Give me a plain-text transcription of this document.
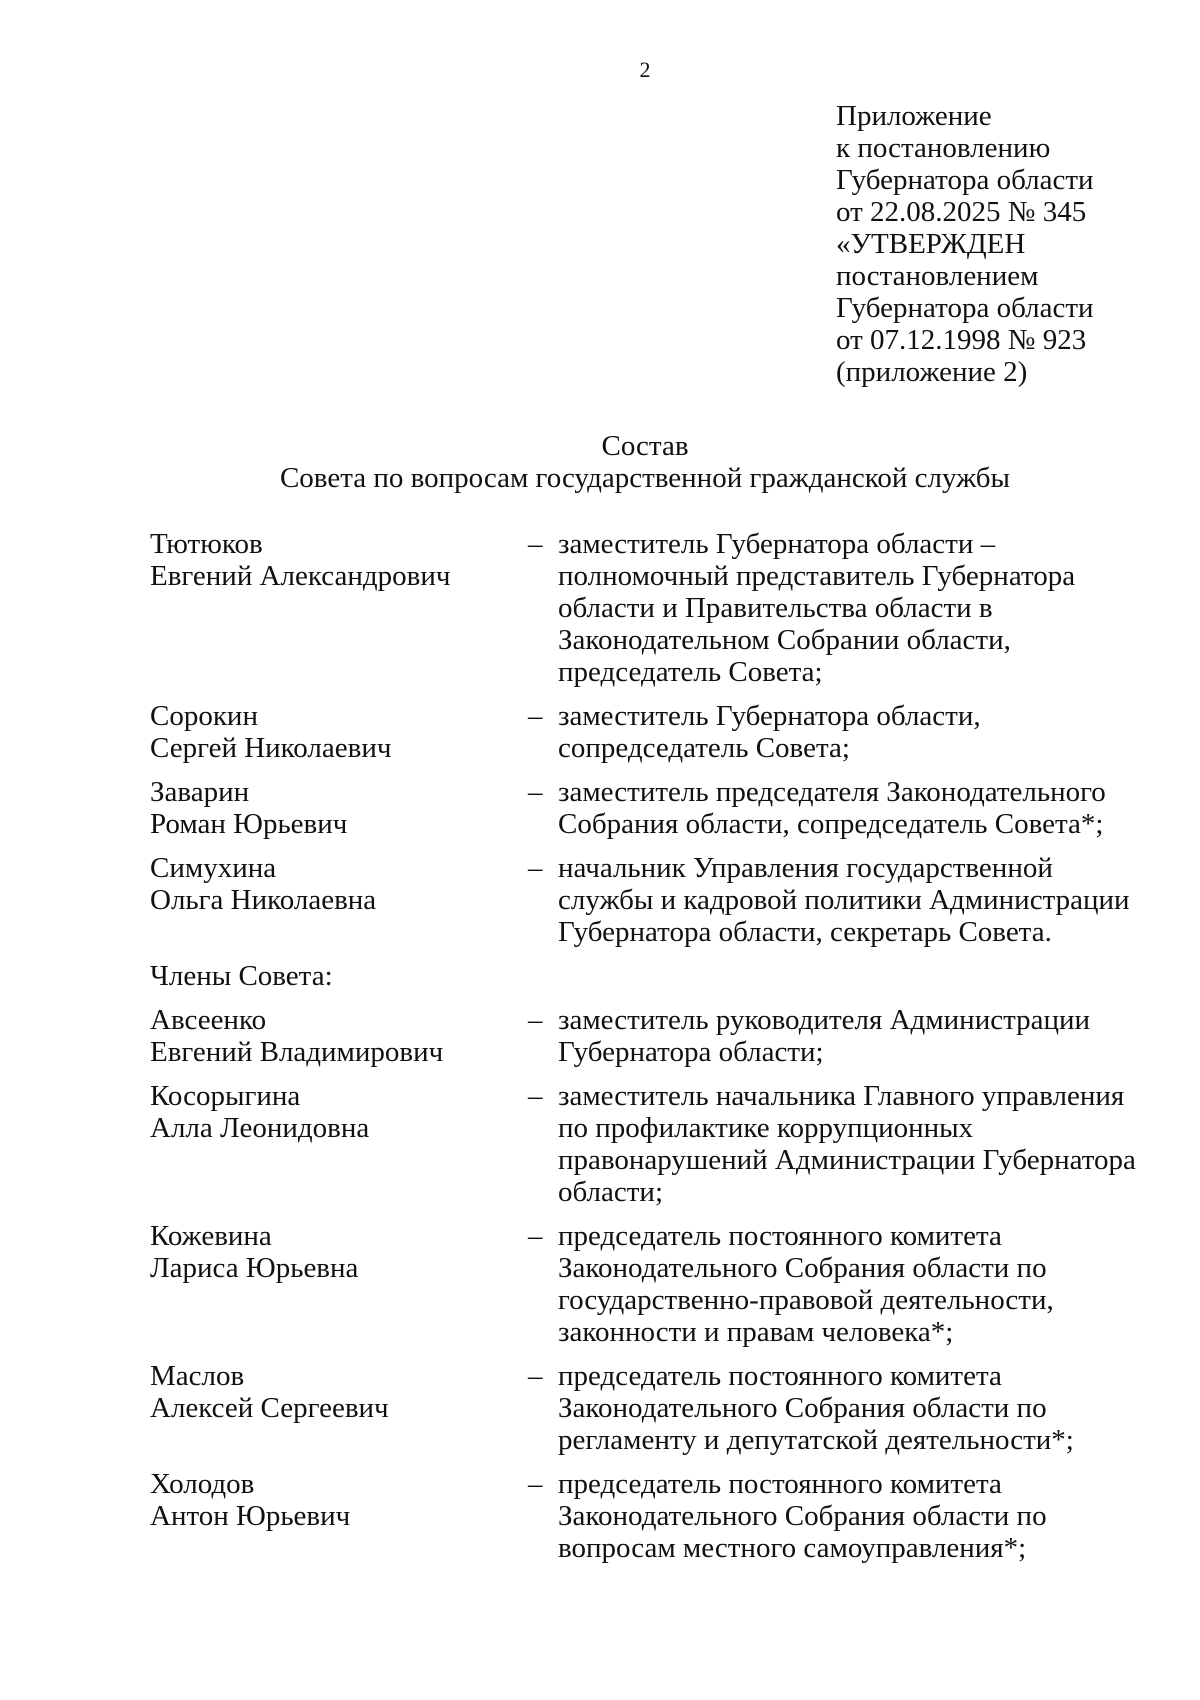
2
Приложение
к постановлению
Губернатора области
от 22.08.2025 № 345
«УТВЕРЖДЕН
постановлением
Губернатора области
от 07.12.1998 № 923
(приложение 2)
Состав
Совета по вопросам государственной гражданской службы
Тютюков
Евгений Александрович
– заместитель Губернатора области –
полномочный представитель Губернатора
области и Правительства области в
Законодательном Собрании области,
председатель Совета;
Сорокин
Сергей Николаевич
– заместитель Губернатора области,
сопредседатель Совета;
Заварин
Роман Юрьевич
– заместитель председателя Законодательного
Собрания области, сопредседатель Совета*;
Симухина
Ольга Николаевна
– начальник Управления государственной
службы и кадровой политики Администрации
Губернатора области, секретарь Совета.
Члены Совета:
Авсеенко
Евгений Владимирович
– заместитель руководителя Администрации
Губернатора области;
Косорыгина
Алла Леонидовна
– заместитель начальника Главного управления
по профилактике коррупционных
правонарушений Администрации Губернатора
области;
Кожевина
Лариса Юрьевна
– председатель постоянного комитета
Законодательного Собрания области по
государственно-правовой деятельности,
законности и правам человека*;
Маслов
Алексей Сергеевич
– председатель постоянного комитета
Законодательного Собрания области по
регламенту и депутатской деятельности*;
Холодов
Антон Юрьевич
– председатель постоянного комитета
Законодательного Собрания области по
вопросам местного самоуправления*;
